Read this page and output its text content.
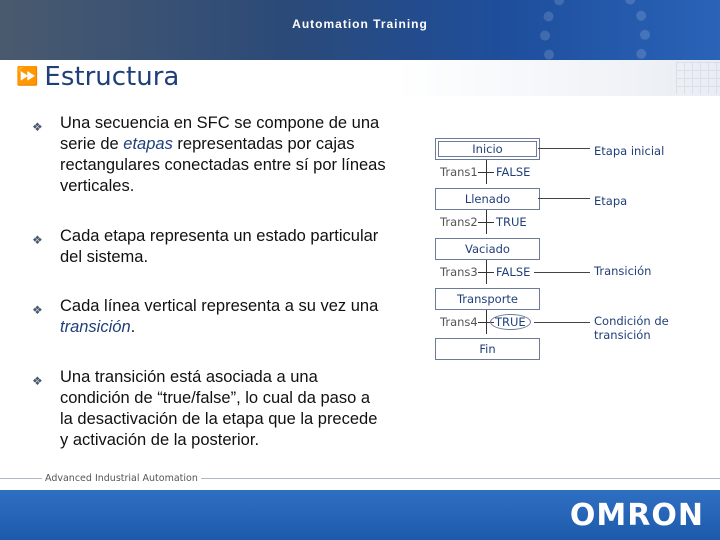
Automation Training
⏩ Estructura
❖ Una secuencia en SFC se compone de una serie de etapas representadas por cajas rectangulares conectadas entre sí por líneas verticales.
❖ Cada etapa representa un estado particular del sistema.
❖ Cada línea vertical representa a su vez una transición.
❖ Una transición está asociada a una condición de “true/false”, lo cual da paso a la desactivación de la etapa que la precede y activación de la posterior.
Inicio
Llenado
Vaciado
Transporte
Fin
Trans1 FALSE
Trans2 TRUE
Trans3 FALSE
Trans4	TRUE
Etapa inicial
Etapa
Transición
Condición de transición
Advanced Industrial Automation
OMRON
